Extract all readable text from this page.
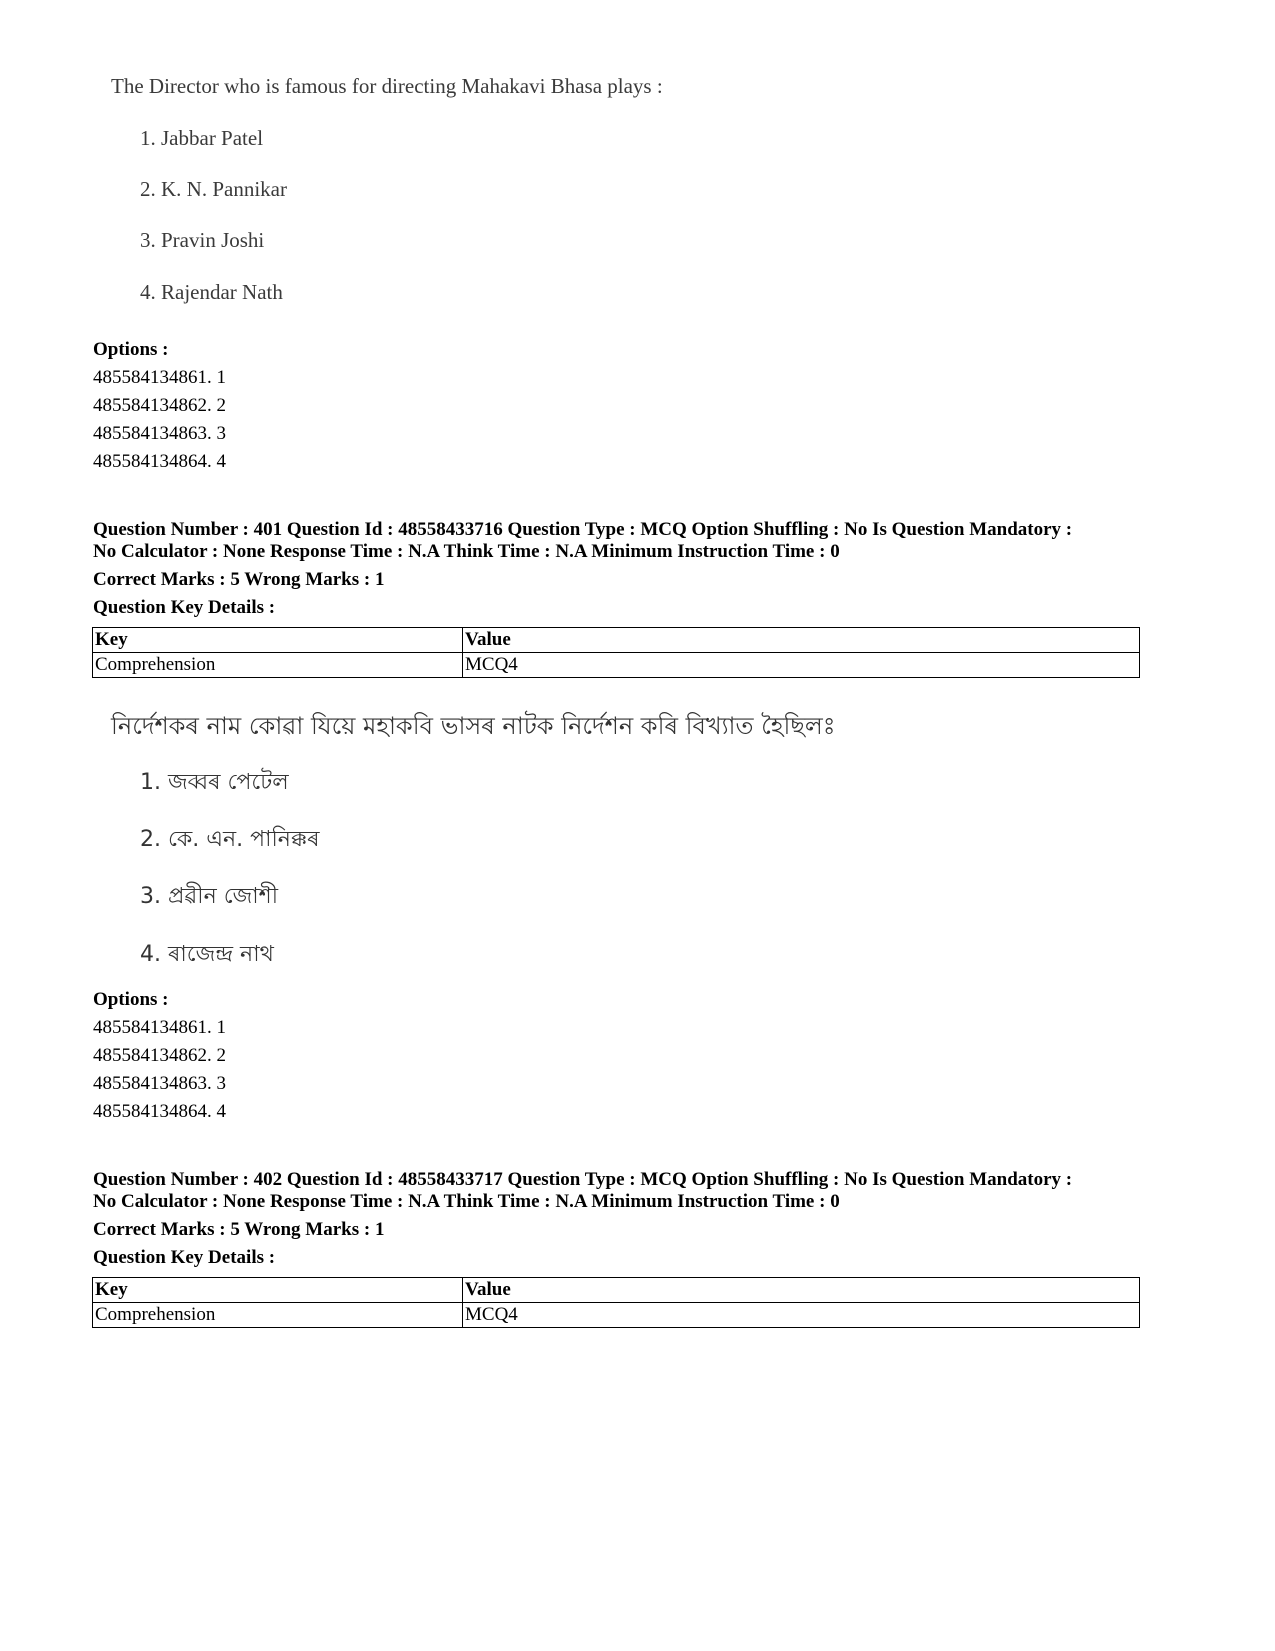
The Director who is famous for directing Mahakavi Bhasa plays :
1. Jabbar Patel
2. K. N. Pannikar
3. Pravin Joshi
4. Rajendar Nath
Options :
485584134861. 1
485584134862. 2
485584134863. 3
485584134864. 4
Question Number : 401 Question Id : 48558433716 Question Type : MCQ Option Shuffling : No Is Question Mandatory :
No Calculator : None Response Time : N.A Think Time : N.A Minimum Instruction Time : 0
Correct Marks : 5 Wrong Marks : 1
Question Key Details :
Key	Value
Comprehension	MCQ4
নিৰ্দেশকৰ নাম কোৱা যিয়ে মহাকবি ভাসৰ নাটক নিৰ্দেশন কৰি বিখ্যাত হৈছিলঃ
1. জব্বৰ পেটেল
2. কে. এন. পানিক্কৰ
3. প্ৰৱীন জোশী
4. ৰাজেন্দ্ৰ নাথ
Options :
485584134861. 1
485584134862. 2
485584134863. 3
485584134864. 4
Question Number : 402 Question Id : 48558433717 Question Type : MCQ Option Shuffling : No Is Question Mandatory :
No Calculator : None Response Time : N.A Think Time : N.A Minimum Instruction Time : 0
Correct Marks : 5 Wrong Marks : 1
Question Key Details :
Key	Value
Comprehension	MCQ4
